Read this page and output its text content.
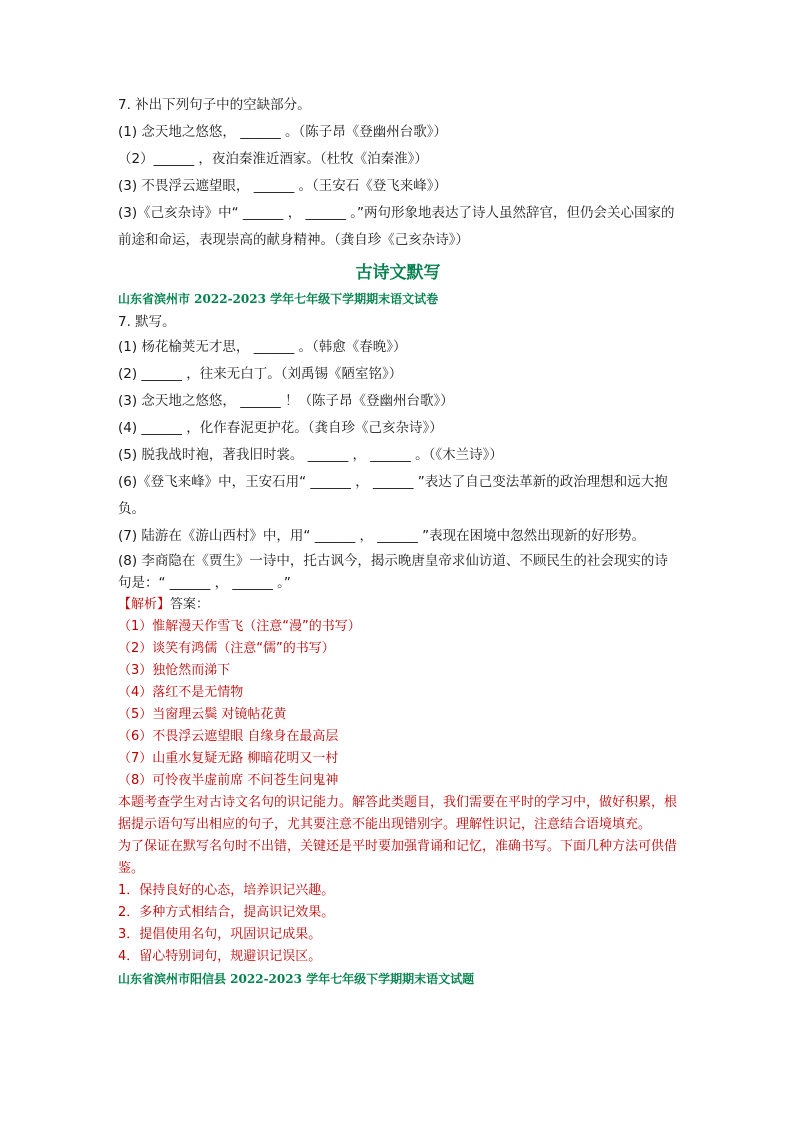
7. 补出下列句子中的空缺部分。
(1) 念天地之悠悠， ______ 。（陈子昂《登幽州台歌》）
（2）______ ，夜泊秦淮近酒家。（杜牧《泊秦淮》）
(3) 不畏浮云遮望眼， ______ 。（王安石《登飞来峰》）
(3)《己亥杂诗》中“ ______ ， ______ 。”两句形象地表达了诗人虽然辞官，但仍会关心国家的前途和命运，表现崇高的献身精神。（龚自珍《己亥杂诗》）
古诗文默写
山东省滨州市 2022-2023 学年七年级下学期期末语文试卷
7. 默写。
(1) 杨花榆荚无才思， ______ 。（韩愈《春晚》）
(2) ______ ，往来无白丁。（刘禹锡《陋室铭》）
(3) 念天地之悠悠， ______ ！（陈子昂《登幽州台歌》）
(4) ______ ，化作春泥更护花。（龚自珍《己亥杂诗》）
(5) 脱我战时袍，著我旧时裳。 ______ ， ______ 。（《木兰诗》）
(6)《登飞来峰》中，王安石用“ ______ ， ______ ”表达了自己变法革新的政治理想和远大抱负。
(7) 陆游在《游山西村》中，用“ ______ ， ______ ”表现在困境中忽然出现新的好形势。
(8) 李商隐在《贾生》一诗中，托古讽今，揭示晚唐皇帝求仙访道、不顾民生的社会现实的诗句是：“ ______ ， ______ 。”
【解析】答案：
（1）惟解漫天作雪飞（注意“漫”的书写）
（2）谈笑有鸿儒（注意“儒”的书写）
（3）独怆然而涕下
（4）落红不是无情物
（5）当窗理云鬓 对镜帖花黄
（6）不畏浮云遮望眼 自缘身在最高层
（7）山重水复疑无路 柳暗花明又一村
（8）可怜夜半虚前席 不问苍生问鬼神
本题考查学生对古诗文名句的识记能力。解答此类题目，我们需要在平时的学习中，做好积累，根据提示语句写出相应的句子，尤其要注意不能出现错别字。理解性识记，注意结合语境填充。
为了保证在默写名句时不出错，关键还是平时要加强背诵和记忆，准确书写。下面几种方法可供借鉴。
1．保持良好的心态，培养识记兴趣。
2．多种方式相结合，提高识记效果。
3．提倡使用名句，巩固识记成果。
4．留心特别词句，规避识记误区。
山东省滨州市阳信县 2022-2023 学年七年级下学期期末语文试题
